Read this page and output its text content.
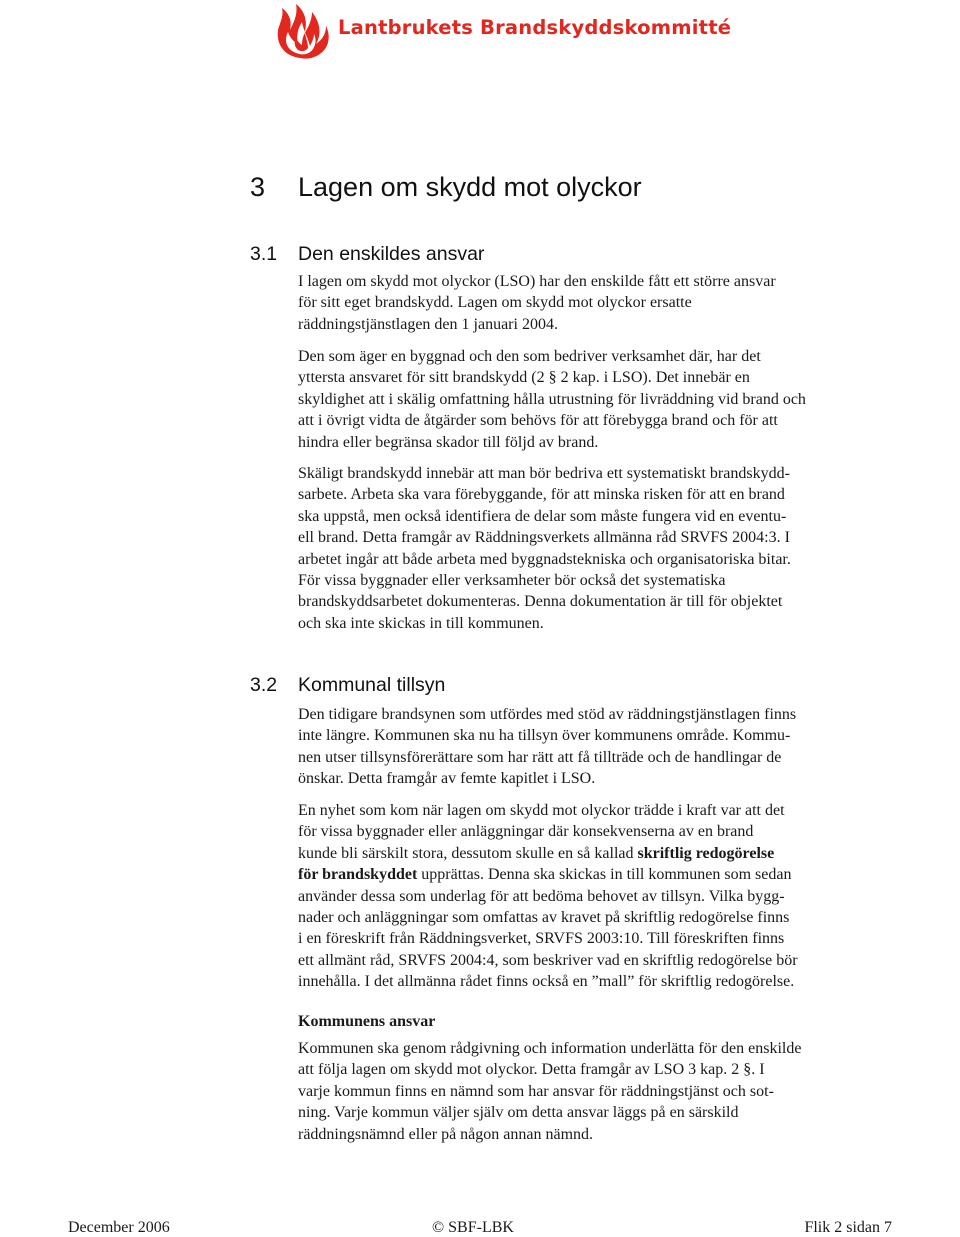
Lantbrukets Brandskyddskommitté
3 Lagen om skydd mot olyckor
3.1 Den enskildes ansvar
I lagen om skydd mot olyckor (LSO) har den enskilde fått ett större ansvar
för sitt eget brandskydd. Lagen om skydd mot olyckor ersatte
räddningstjänstlagen den 1 januari 2004.
Den som äger en byggnad och den som bedriver verksamhet där, har det
yttersta ansvaret för sitt brandskydd (2 § 2 kap. i LSO). Det innebär en
skyldighet att i skälig omfattning hålla utrustning för livräddning vid brand och
att i övrigt vidta de åtgärder som behövs för att förebygga brand och för att
hindra eller begränsa skador till följd av brand.
Skäligt brandskydd innebär att man bör bedriva ett systematiskt brandskydd-
sarbete. Arbeta ska vara förebyggande, för att minska risken för att en brand
ska uppstå, men också identifiera de delar som måste fungera vid en eventu-
ell brand. Detta framgår av Räddningsverkets allmänna råd SRVFS 2004:3. I
arbetet ingår att både arbeta med byggnadstekniska och organisatoriska bitar.
För vissa byggnader eller verksamheter bör också det systematiska
brandskyddsarbetet dokumenteras. Denna dokumentation är till för objektet
och ska inte skickas in till kommunen.
3.2 Kommunal tillsyn
Den tidigare brandsynen som utfördes med stöd av räddningstjänstlagen finns
inte längre. Kommunen ska nu ha tillsyn över kommunens område. Kommu-
nen utser tillsynsförerättare som har rätt att få tillträde och de handlingar de
önskar. Detta framgår av femte kapitlet i LSO.
En nyhet som kom när lagen om skydd mot olyckor trädde i kraft var att det
för vissa byggnader eller anläggningar där konsekvenserna av en brand
kunde bli särskilt stora, dessutom skulle en så kallad skriftlig redogörelse
för brandskyddet upprättas. Denna ska skickas in till kommunen som sedan
använder dessa som underlag för att bedöma behovet av tillsyn. Vilka bygg-
nader och anläggningar som omfattas av kravet på skriftlig redogörelse finns
i en föreskrift från Räddningsverket, SRVFS 2003:10. Till föreskriften finns
ett allmänt råd, SRVFS 2004:4, som beskriver vad en skriftlig redogörelse bör
innehålla. I det allmänna rådet finns också en ”mall” för skriftlig redogörelse.
Kommunens ansvar
Kommunen ska genom rådgivning och information underlätta för den enskilde
att följa lagen om skydd mot olyckor. Detta framgår av LSO 3 kap. 2 §. I
varje kommun finns en nämnd som har ansvar för räddningstjänst och sot-
ning. Varje kommun väljer själv om detta ansvar läggs på en särskild
räddningsnämnd eller på någon annan nämnd.
December 2006	© SBF-LBK	Flik 2 sidan 7
